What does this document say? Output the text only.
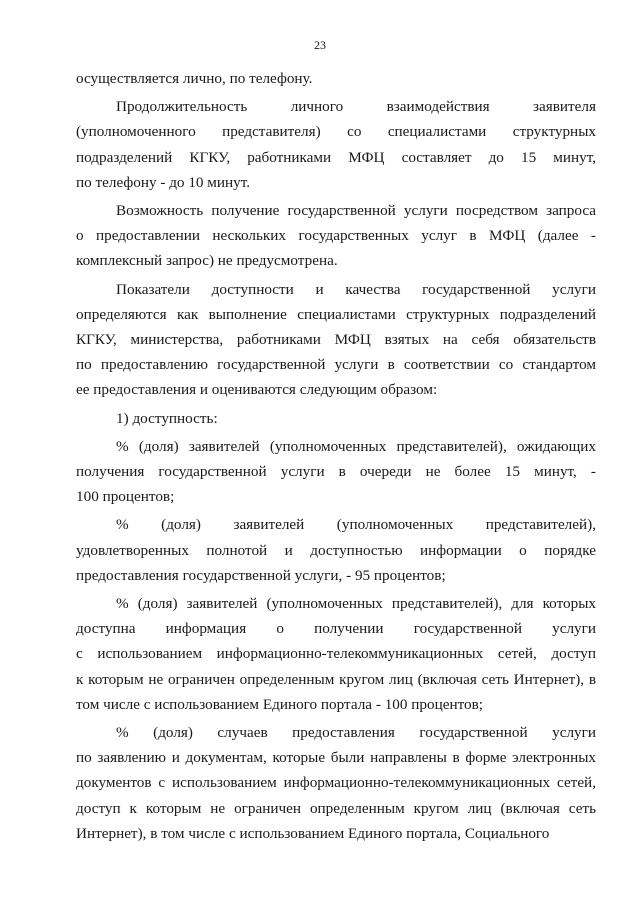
23
осуществляется лично, по телефону.
Продолжительность личного взаимодействия заявителя
(уполномоченного представителя) со специалистами структурных
подразделений КГКУ, работниками МФЦ составляет до 15 минут,
по телефону - до 10 минут.
Возможность получение государственной услуги посредством запроса
о предоставлении нескольких государственных услуг в МФЦ (далее -
комплексный запрос) не предусмотрена.
Показатели доступности и качества государственной услуги
определяются как выполнение специалистами структурных подразделений
КГКУ, министерства, работниками МФЦ взятых на себя обязательств
по предоставлению государственной услуги в соответствии со стандартом
ее предоставления и оцениваются следующим образом:
1) доступность:
% (доля) заявителей (уполномоченных представителей), ожидающих
получения государственной услуги в очереди не более 15 минут, -
100 процентов;
% (доля) заявителей (уполномоченных представителей),
удовлетворенных полнотой и доступностью информации о порядке
предоставления государственной услуги, - 95 процентов;
% (доля) заявителей (уполномоченных представителей), для которых
доступна информация о получении государственной услуги
с использованием информационно-телекоммуникационных сетей, доступ
к которым не ограничен определенным кругом лиц (включая сеть Интернет), в
том числе с использованием Единого портала - 100 процентов;
% (доля) случаев предоставления государственной услуги
по заявлению и документам, которые были направлены в форме электронных
документов с использованием информационно-телекоммуникационных сетей,
доступ к которым не ограничен определенным кругом лиц (включая сеть
Интернет), в том числе с использованием Единого портала, Социального
